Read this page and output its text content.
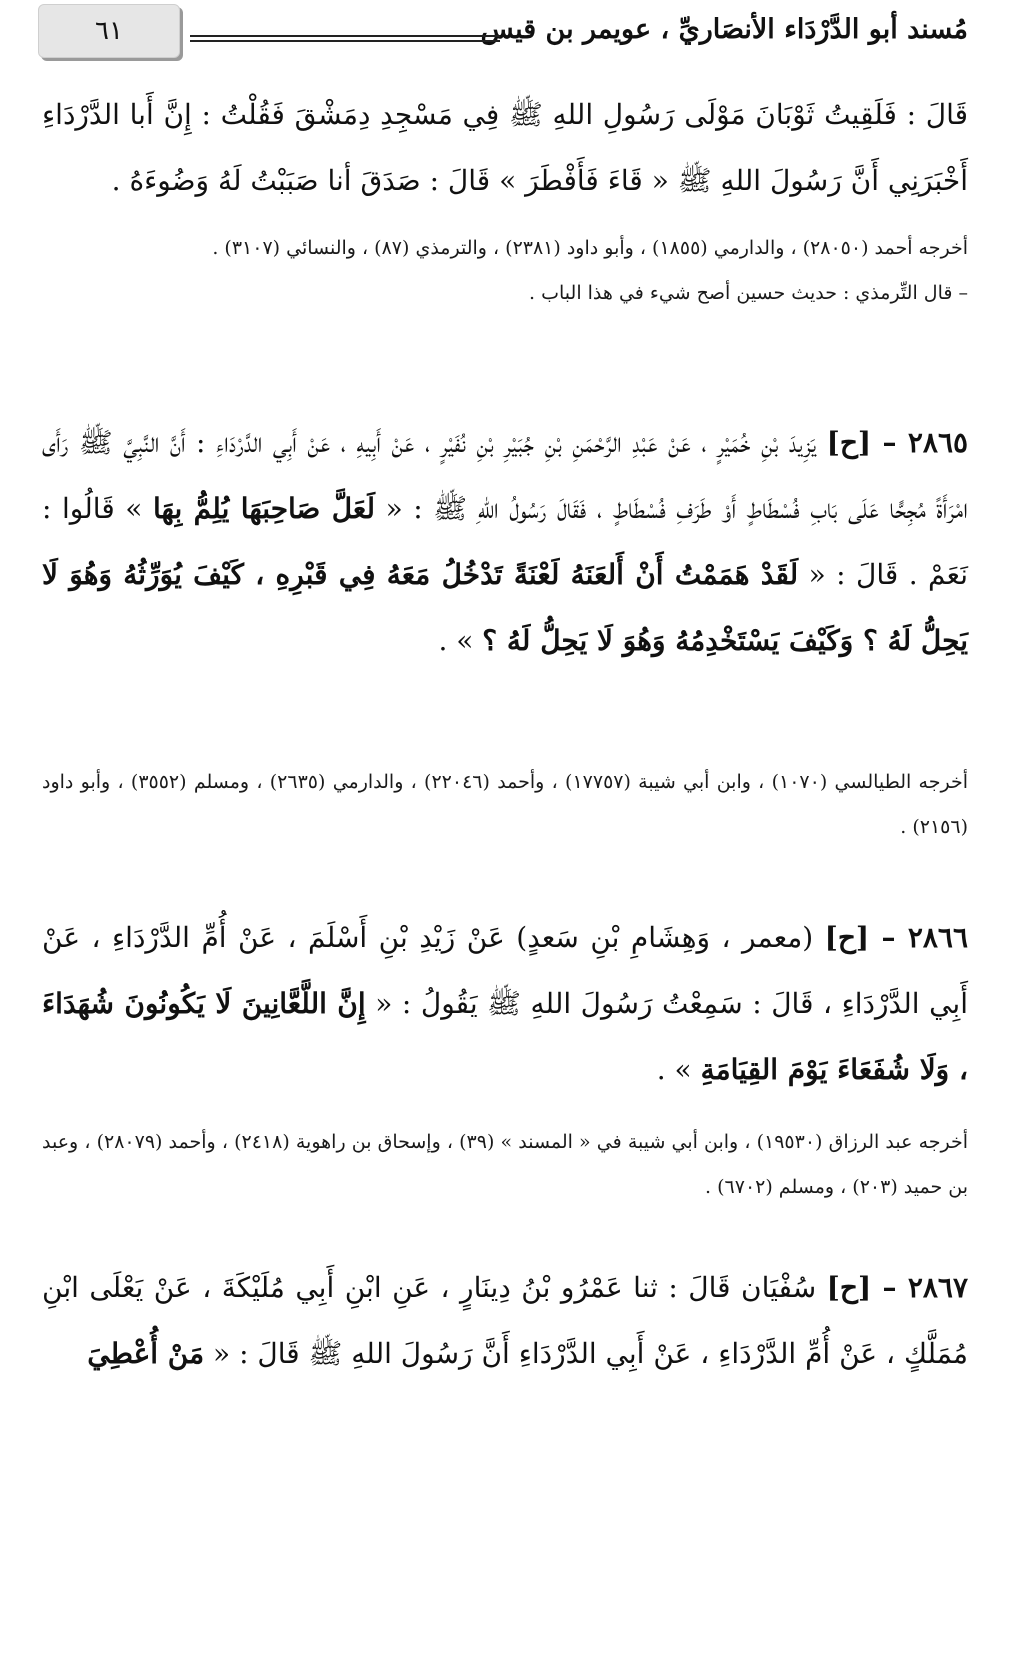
مُسند أبو الدَّرْدَاء الأنصَاريِّ ، عويمر بن قيس
٦١

قَالَ : فَلَقِيتُ ثَوْبَانَ مَوْلَى رَسُولِ اللهِ ﷺ فِي مَسْجِدِ دِمَشْقَ فَقُلْتُ : إِنَّ أَبا الدَّرْدَاءِ أَخْبَرَنِي أَنَّ رَسُولَ اللهِ ﷺ « قَاءَ فَأَفْطَرَ » قَالَ : صَدَقَ أنا صَبَبْتُ لَهُ وَضُوءَهُ .

أخرجه أحمد (٢٨٠٥٠) ، والدارمي (١٨٥٥) ، وأبو داود (٢٣٨١) ، والترمذي (٨٧) ، والنسائي (٣١٠٧) .

– قال التِّرمذي : حديث حسين أصح شيء في هذا الباب .

٢٨٦٥ – [ح] يَزِيدَ بْنِ خُمَيْرٍ ، عَنْ عَبْدِ الرَّحْمَنِ بْنِ جُبَيْرِ بْنِ نُفَيْرٍ ، عَنْ أَبِيهِ ، عَنْ أَبِي الدَّرْدَاءِ : أَنَّ النَّبِيَّ ﷺ رَأَى امْرَأَةً مُجِحًّا عَلَى بَابِ فُسْطَاطٍ أَوْ طَرَفِ فُسْطَاطٍ ، فَقَالَ رَسُولُ اللهِ ﷺ : « لَعَلَّ صَاحِبَهَا يُلِمُّ بِهَا » قَالُوا : نَعَمْ . قَالَ : « لَقَدْ هَمَمْتُ أَنْ أَلعَنَهُ لَعْنَةً تَدْخُلُ مَعَهُ فِي قَبْرِهِ ، كَيْفَ يُوَرِّثُهُ وَهُوَ لَا يَحِلُّ لَهُ ؟ وَكَيْفَ يَسْتَخْدِمُهُ وَهُوَ لَا يَحِلُّ لَهُ ؟ » .

أخرجه الطيالسي (١٠٧٠) ، وابن أبي شيبة (١٧٧٥٧) ، وأحمد (٢٢٠٤٦) ، والدارمي (٢٦٣٥) ، ومسلم (٣٥٥٢) ، وأبو داود (٢١٥٦) .

٢٨٦٦ – [ح] (معمر ، وَهِشَامِ بْنِ سَعدٍ) عَنْ زَيْدِ بْنِ أَسْلَمَ ، عَنْ أُمِّ الدَّرْدَاءِ ، عَنْ أَبِي الدَّرْدَاءِ ، قَالَ : سَمِعْتُ رَسُولَ اللهِ ﷺ يَقُولُ : « إِنَّ اللَّعَّانِينَ لَا يَكُونُونَ شُهَدَاءَ ، وَلَا شُفَعَاءَ يَوْمَ القِيَامَةِ » .

أخرجه عبد الرزاق (١٩٥٣٠) ، وابن أبي شيبة في « المسند » (٣٩) ، وإسحاق بن راهوية (٢٤١٨) ، وأحمد (٢٨٠٧٩) ، وعبد بن حميد (٢٠٣) ، ومسلم (٦٧٠٢) .

٢٨٦٧ – [ح] سُفْيَان قَالَ : ثنا عَمْرُو بْنُ دِينَارٍ ، عَنِ ابْنِ أَبِي مُلَيْكَةَ ، عَنْ يَعْلَى ابْنِ مُمَلَّكٍ ، عَنْ أُمِّ الدَّرْدَاءِ ، عَنْ أَبِي الدَّرْدَاءِ أَنَّ رَسُولَ اللهِ ﷺ قَالَ : « مَنْ أُعْطِيَ
